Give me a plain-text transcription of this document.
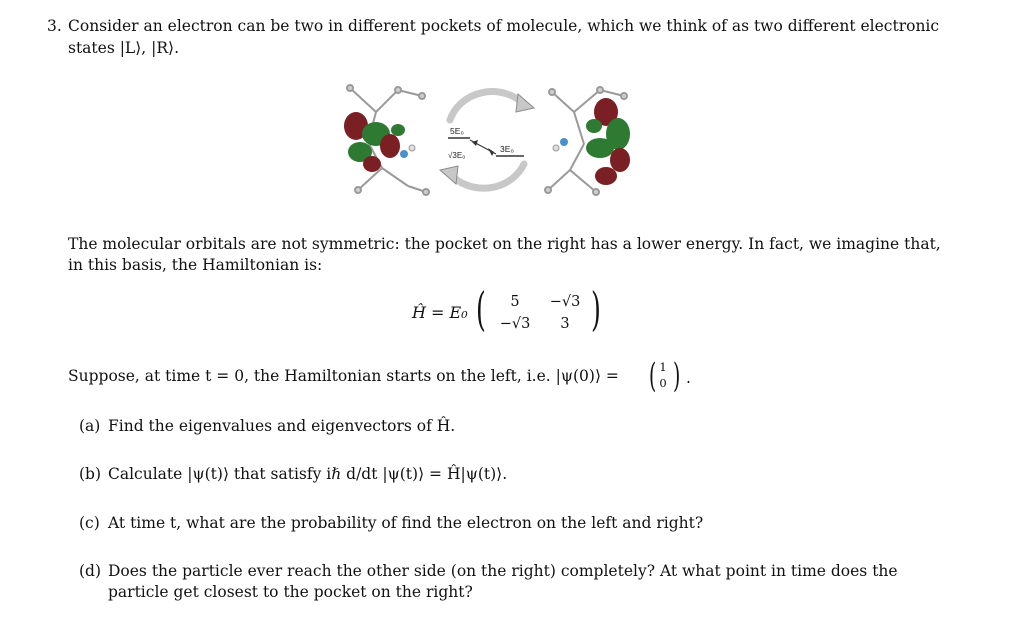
3. Consider an electron can be two in different pockets of molecule, which we think of as two different electronic
states |L⟩, |R⟩.
5E₀
3E₀
√3E₀
The molecular orbitals are not symmetric: the pocket on the right has a lower energy. In fact, we imagine that,
in this basis, the Hamiltonian is:
Ĥ = E₀ (	5	−√3
−√3	3 )
Suppose, at time t = 0, the Hamiltonian starts on the left, i.e. |ψ(0)⟩ = ( 1
0 ) .
(a) Find the eigenvalues and eigenvectors of Ĥ.
(b) Calculate |ψ(t)⟩ that satisfy iℏ d/dt |ψ(t)⟩ = Ĥ|ψ(t)⟩.
(c) At time t, what are the probability of find the electron on the left and right?
(d) Does the particle ever reach the other side (on the right) completely? At what point in time does the
particle get closest to the pocket on the right?
